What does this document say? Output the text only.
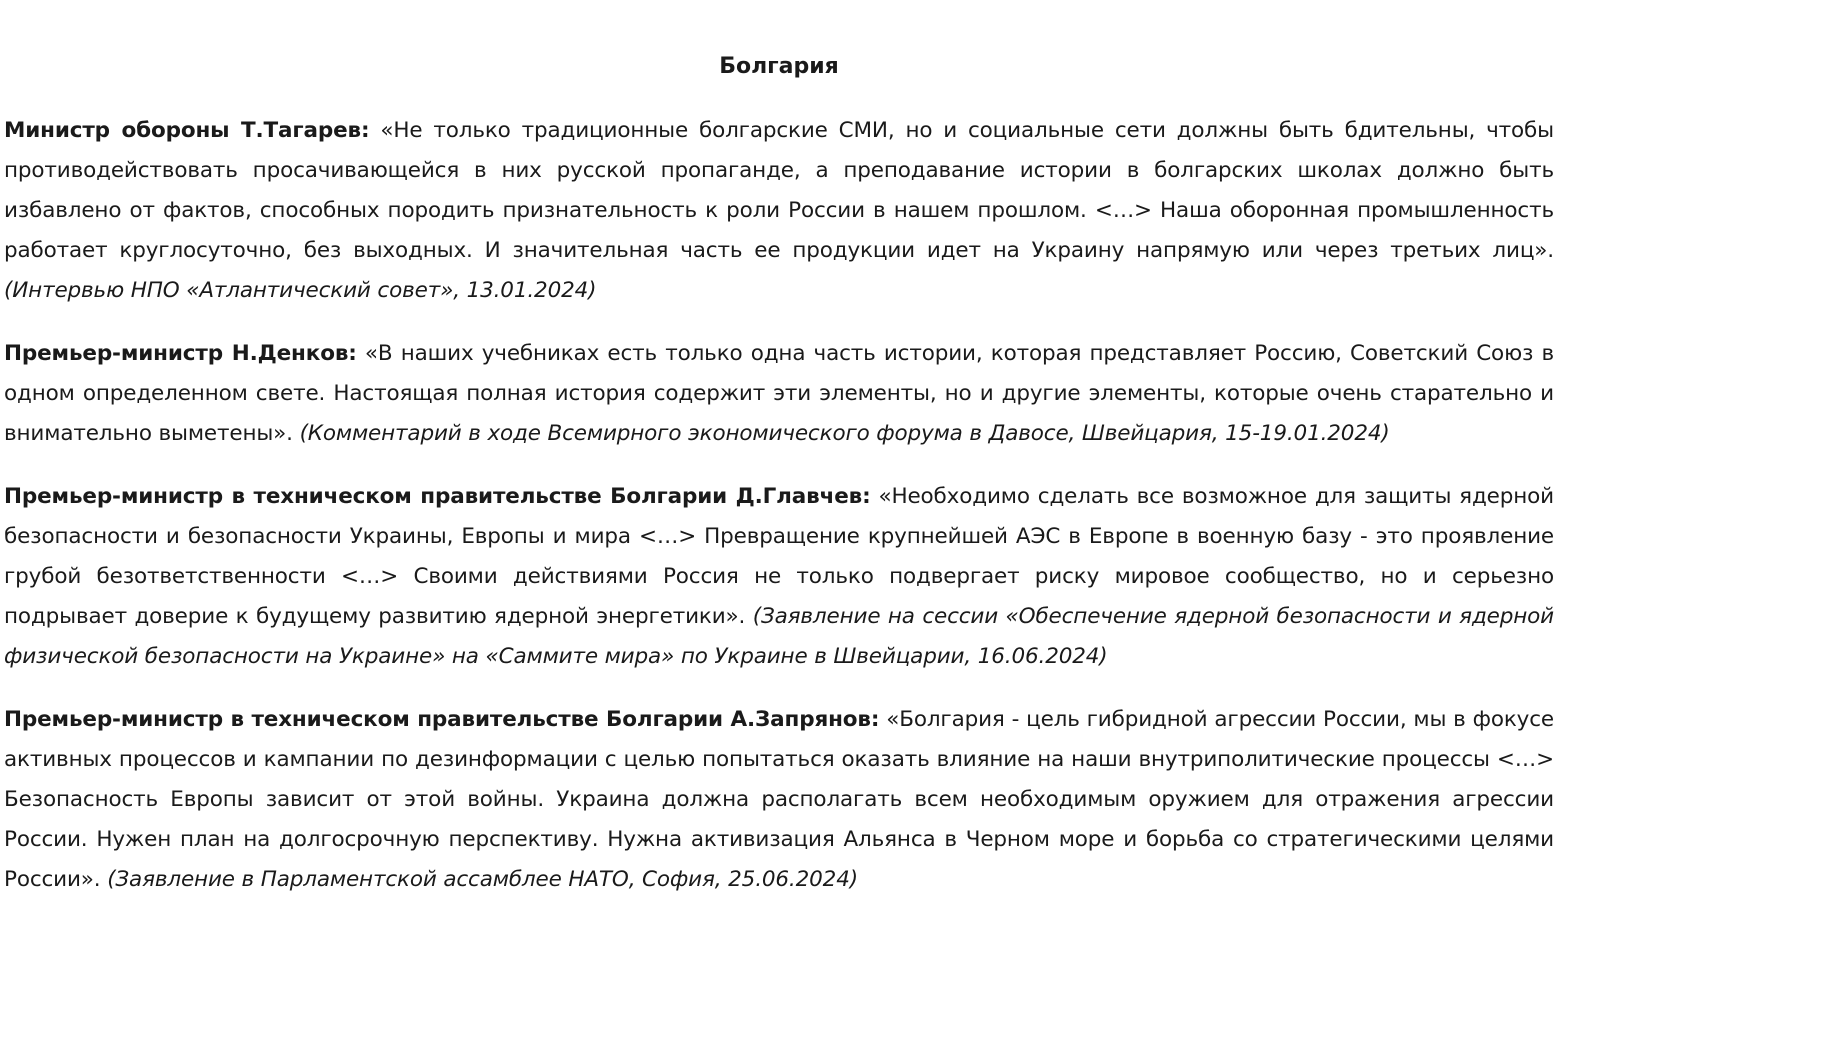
Болгария

Министр обороны Т.Тагарев: «Не только традиционные болгарские СМИ, но и социальные сети должны быть бдительны, чтобы противодействовать просачивающейся в них русской пропаганде, а преподавание истории в болгарских школах должно быть избавлено от фактов, способных породить признательность к роли России в нашем прошлом. <…> Наша оборонная промышленность работает круглосуточно, без выходных. И значительная часть ее продукции идет на Украину напрямую или через третьих лиц». (Интервью НПО «Атлантический совет», 13.01.2024)

Премьер-министр Н.Денков: «В наших учебниках есть только одна часть истории, которая представляет Россию, Советский Союз в одном определенном свете. Настоящая полная история содержит эти элементы, но и другие элементы, которые очень старательно и внимательно выметены». (Комментарий в ходе Всемирного экономического форума в Давосе, Швейцария, 15-19.01.2024)

Премьер-министр в техническом правительстве Болгарии Д.Главчев: «Необходимо сделать все возможное для защиты ядерной безопасности и безопасности Украины, Европы и мира <…> Превращение крупнейшей АЭС в Европе в военную базу - это проявление грубой безответственности <…> Своими действиями Россия не только подвергает риску мировое сообщество, но и серьезно подрывает доверие к будущему развитию ядерной энергетики». (Заявление на сессии «Обеспечение ядерной безопасности и ядерной физической безопасности на Украине» на «Саммите мира» по Украине в Швейцарии, 16.06.2024)

Премьер-министр в техническом правительстве Болгарии А.Запрянов: «Болгария - цель гибридной агрессии России, мы в фокусе активных процессов и кампании по дезинформации с целью попытаться оказать влияние на наши внутриполитические процессы <…> Безопасность Европы зависит от этой войны. Украина должна располагать всем необходимым оружием для отражения агрессии России. Нужен план на долгосрочную перспективу. Нужна активизация Альянса в Черном море и борьба со стратегическими целями России». (Заявление в Парламентской ассамблее НАТО, София, 25.06.2024)
